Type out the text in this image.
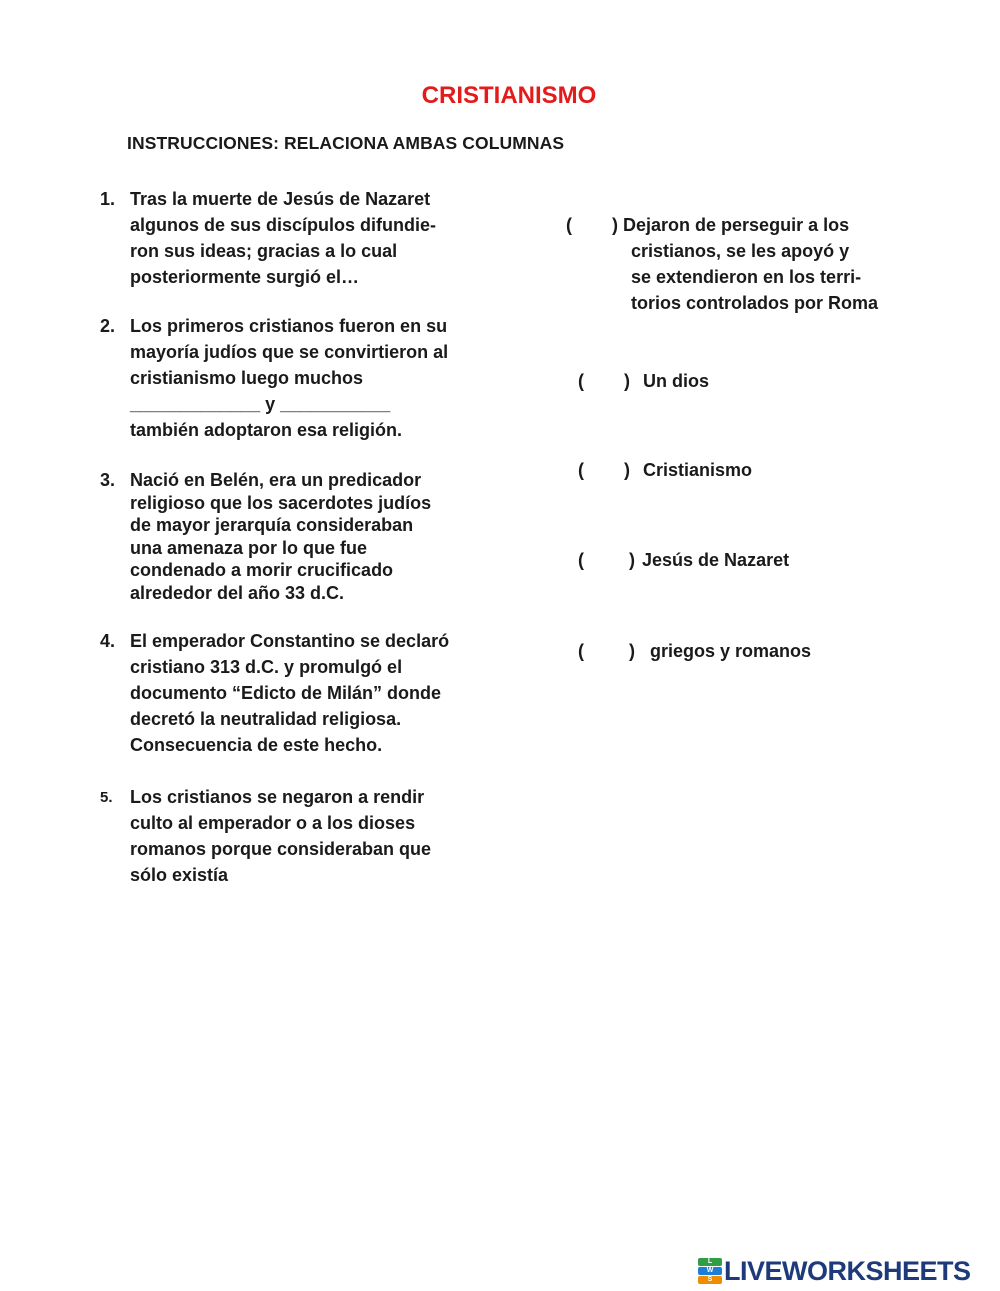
CRISTIANISMO
INSTRUCCIONES: RELACIONA AMBAS COLUMNAS
1. Tras la muerte de Jesús de Nazaret
algunos de sus discípulos difundie-
ron sus ideas; gracias a lo cual
posteriormente surgió el…
2. Los primeros cristianos fueron en su
mayoría judíos que se convirtieron al
cristianismo luego muchos
_____________ y ___________
también adoptaron esa religión.
3. Nació en Belén, era un predicador
religioso que los sacerdotes judíos
de mayor jerarquía consideraban
una amenaza por lo que fue
condenado a morir crucificado
alrededor del año 33 d.C.
4. El emperador Constantino se declaró
cristiano 313 d.C. y promulgó el
documento “Edicto de Milán” donde
decretó la neutralidad religiosa.
Consecuencia de este hecho.
5. Los cristianos se negaron a rendir
culto al emperador o a los dioses
romanos porque consideraban que
sólo existía
(        ) Dejaron de perseguir a los
cristianos, se les apoyó y
se extendieron en los terri-
torios controlados por Roma
(        ) Un dios
(        ) Cristianismo
(         ) Jesús de Nazaret
(         ) griegos y romanos
L
W
S LIVEWORKSHEETS
